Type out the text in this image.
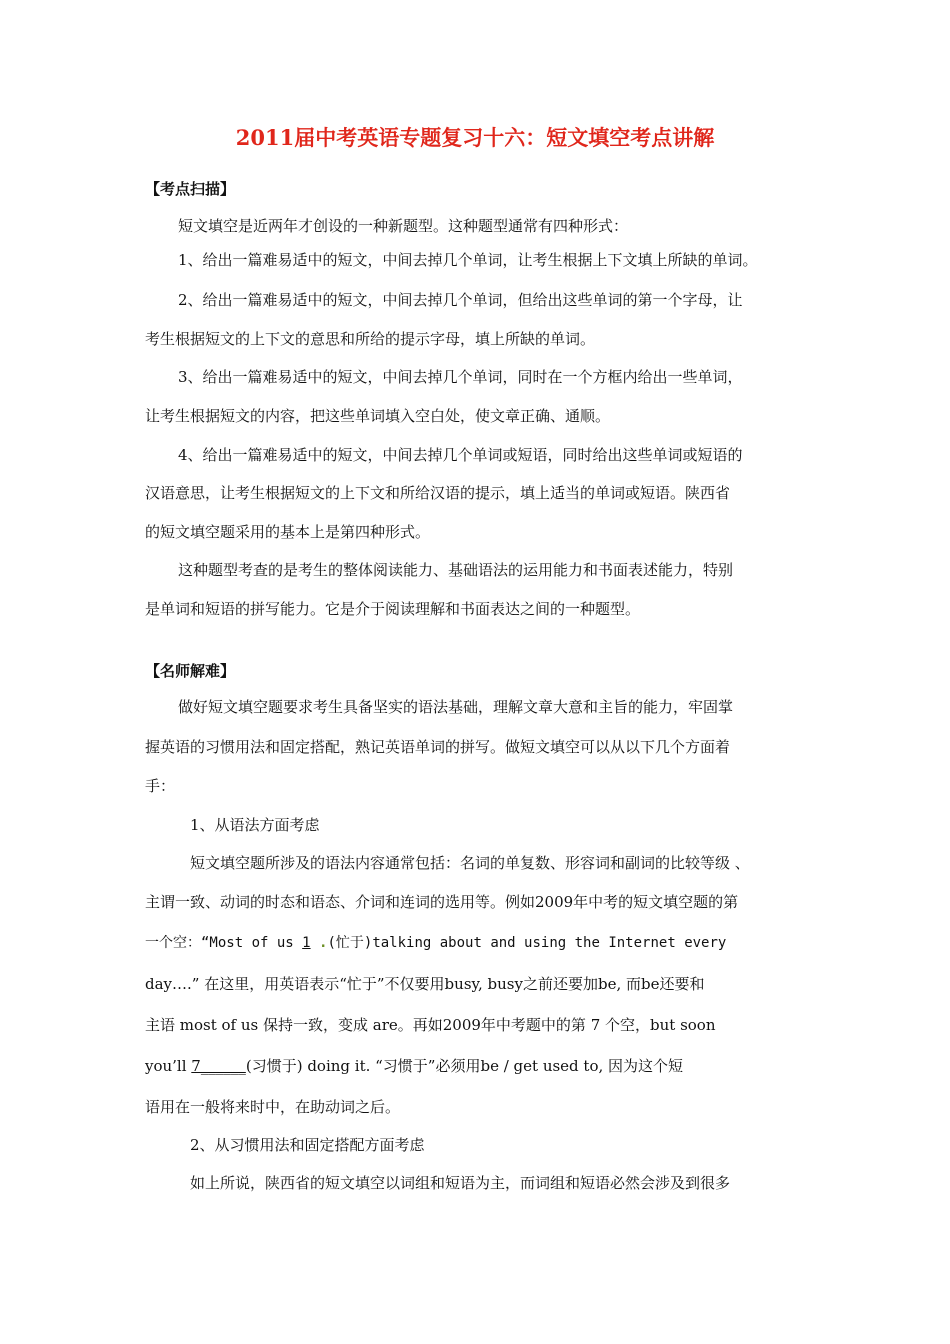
2011届中考英语专题复习十六：短文填空考点讲解
【考点扫描】
短文填空是近两年才创设的一种新题型。这种题型通常有四种形式：
1、给出一篇难易适中的短文，中间去掉几个单词，让考生根据上下文填上所缺的单词。
2、给出一篇难易适中的短文，中间去掉几个单词，但给出这些单词的第一个字母，让
考生根据短文的上下文的意思和所给的提示字母，填上所缺的单词。
3、给出一篇难易适中的短文，中间去掉几个单词，同时在一个方框内给出一些单词，
让考生根据短文的内容，把这些单词填入空白处，使文章正确、通顺。
4、给出一篇难易适中的短文，中间去掉几个单词或短语，同时给出这些单词或短语的
汉语意思，让考生根据短文的上下文和所给汉语的提示，填上适当的单词或短语。陕西省
的短文填空题采用的基本上是第四种形式。
这种题型考查的是考生的整体阅读能力、基础语法的运用能力和书面表述能力，特别
是单词和短语的拼写能力。它是介于阅读理解和书面表达之间的一种题型。
【名师解难】
做好短文填空题要求考生具备坚实的语法基础，理解文章大意和主旨的能力，牢固掌
握英语的习惯用法和固定搭配，熟记英语单词的拼写。做短文填空可以从以下几个方面着
手：
1、从语法方面考虑
短文填空题所涉及的语法内容通常包括：名词的单复数、形容词和副词的比较等级 、
主谓一致、动词的时态和语态、介词和连词的选用等。例如2009年中考的短文填空题的第
一个空：“Most of us 1 .(忙于)talking about and using the Internet every
day….” 在这里，用英语表示“忙于”不仅要用busy, busy之前还要加be, 而be还要和
主语 most of us 保持一致，变成 are。再如2009年中考题中的第 7 个空，but soon
you’ll 7______(习惯于) doing it. “习惯于”必须用be / get used to, 因为这个短
语用在一般将来时中，在助动词之后。
2、从习惯用法和固定搭配方面考虑
如上所说，陕西省的短文填空以词组和短语为主，而词组和短语必然会涉及到很多
